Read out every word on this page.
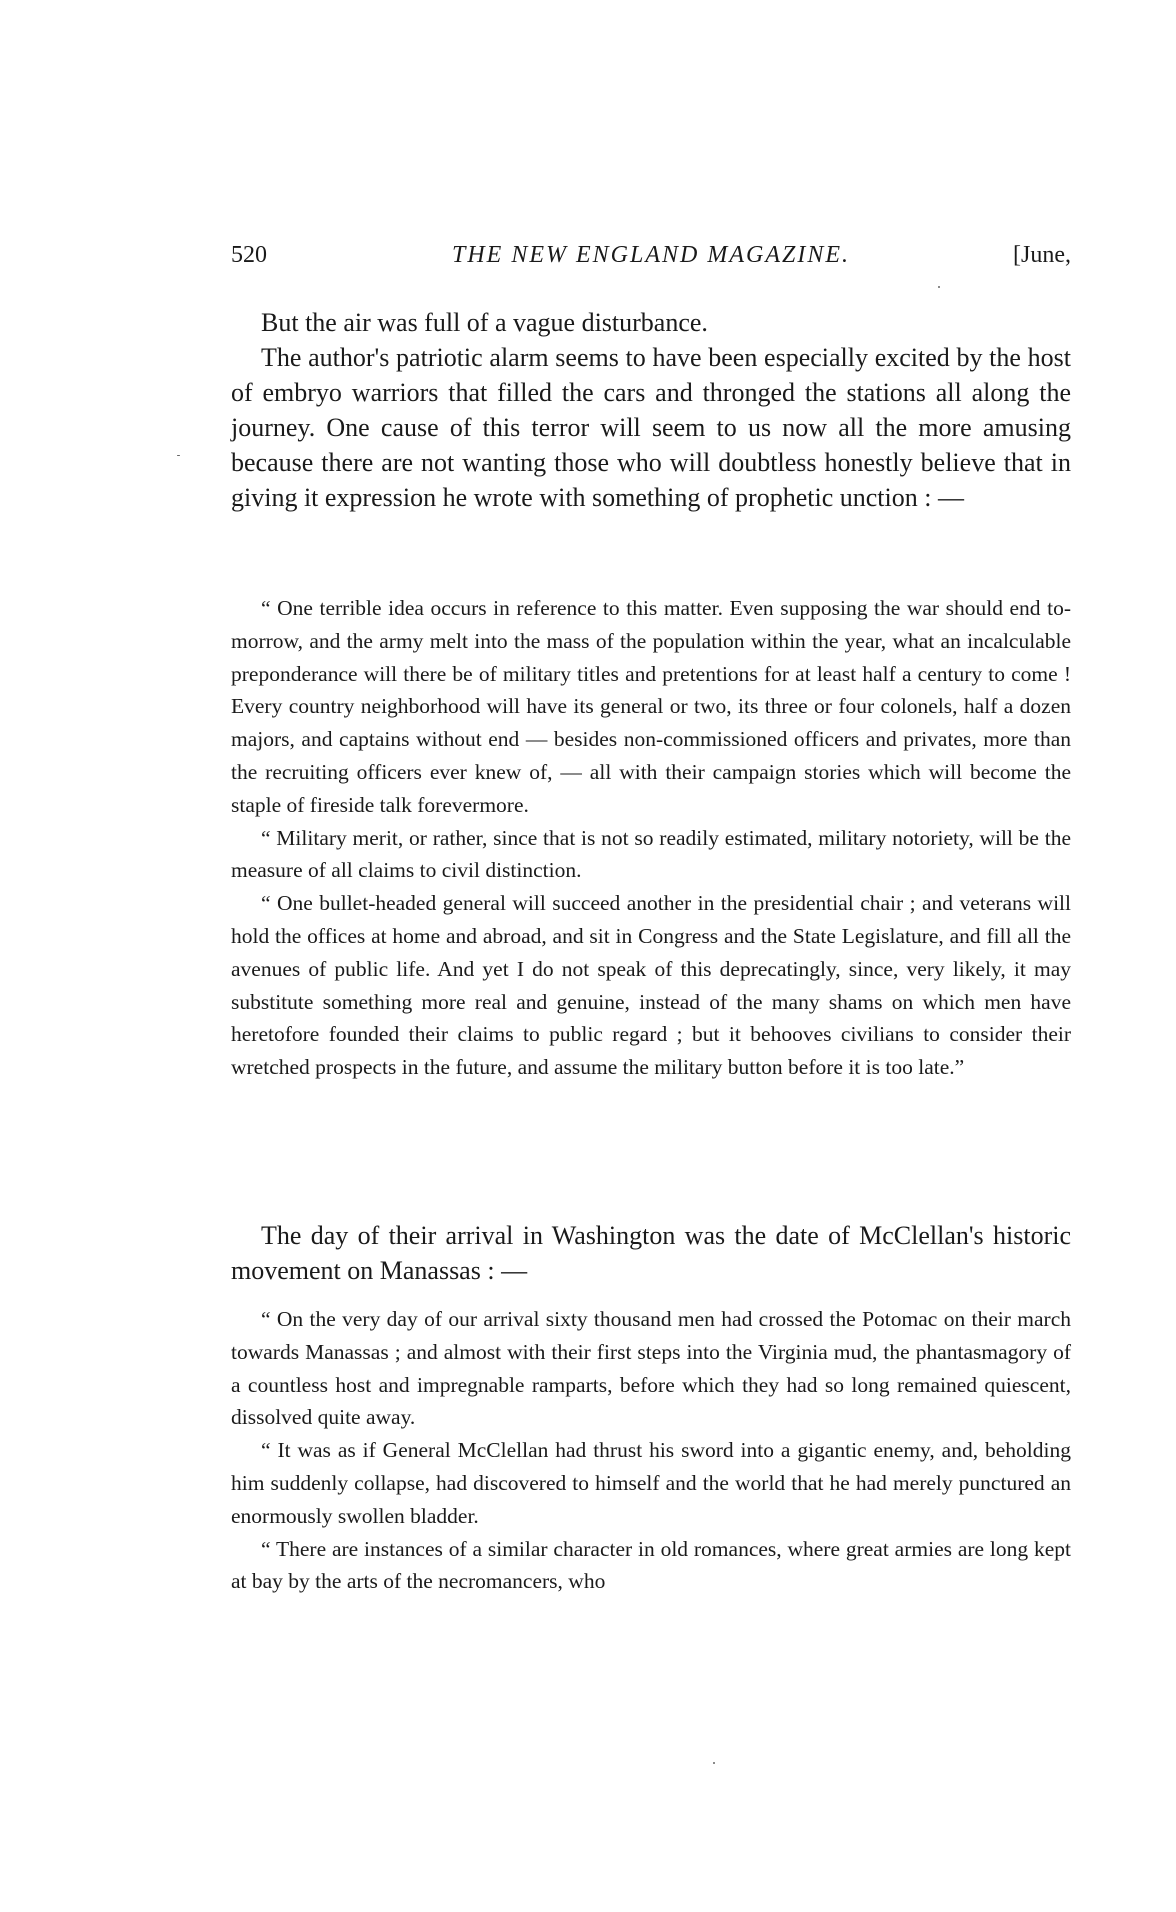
520	THE NEW ENGLAND MAGAZINE.	[June,

But the air was full of a vague disturbance.

The author's patriotic alarm seems to have been especially excited by the host of embryo warriors that filled the cars and thronged the stations all along the journey. One cause of this terror will seem to us now all the more amusing because there are not wanting those who will doubtless honestly believe that in giving it expression he wrote with something of prophetic unction : —

“ One terrible idea occurs in reference to this matter. Even supposing the war should end to-morrow, and the army melt into the mass of the population within the year, what an incalculable preponderance will there be of military titles and pretentions for at least half a century to come ! Every country neighborhood will have its general or two, its three or four colonels, half a dozen majors, and captains without end — besides non-commissioned officers and privates, more than the recruiting officers ever knew of, — all with their campaign stories which will become the staple of fireside talk forevermore.

“ Military merit, or rather, since that is not so readily estimated, military notoriety, will be the measure of all claims to civil distinction.

“ One bullet-headed general will succeed another in the presidential chair ; and veterans will hold the offices at home and abroad, and sit in Congress and the State Legislature, and fill all the avenues of public life. And yet I do not speak of this deprecatingly, since, very likely, it may substitute something more real and genuine, instead of the many shams on which men have heretofore founded their claims to public regard ; but it behooves civilians to consider their wretched prospects in the future, and assume the military button before it is too late.”

The day of their arrival in Washington was the date of McClellan's historic movement on Manassas : —

“ On the very day of our arrival sixty thousand men had crossed the Potomac on their march towards Manassas ; and almost with their first steps into the Virginia mud, the phantasmagory of a countless host and impregnable ramparts, before which they had so long remained quiescent, dissolved quite away.

“ It was as if General McClellan had thrust his sword into a gigantic enemy, and, beholding him suddenly collapse, had discovered to himself and the world that he had merely punctured an enormously swollen bladder.

“ There are instances of a similar character in old romances, where great armies are long kept at bay by the arts of the necromancers, who
